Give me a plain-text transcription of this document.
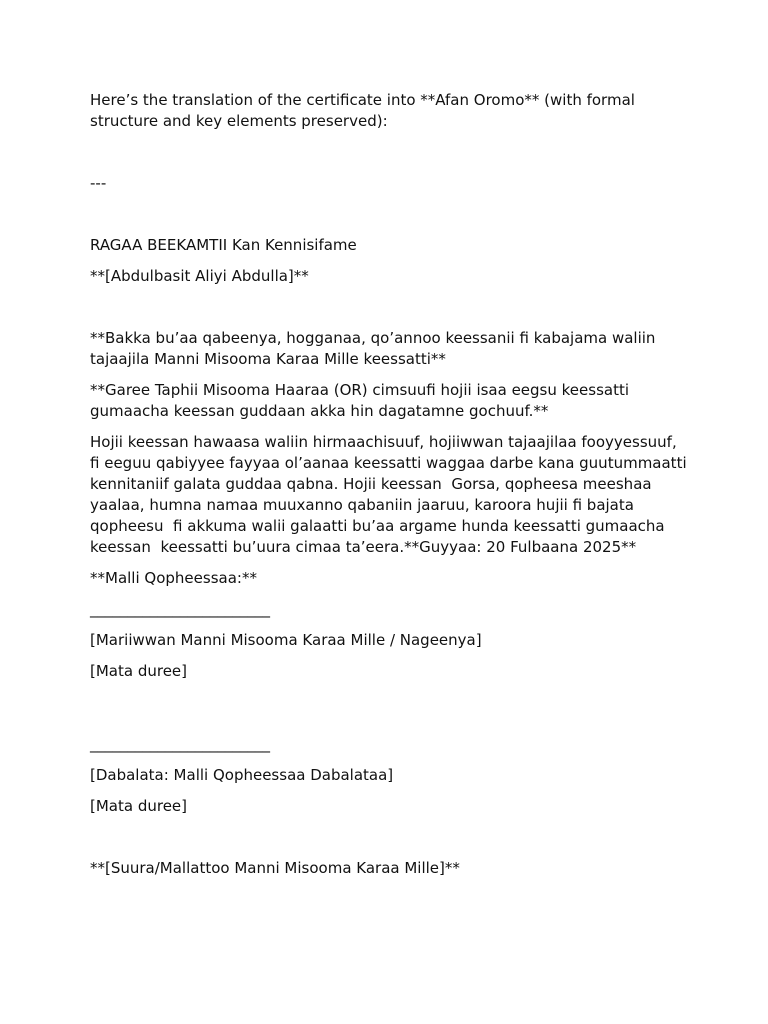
Here’s the translation of the certificate into **Afan Oromo** (with formal structure and key elements preserved):

---

RAGAA BEEKAMTII Kan Kennisifame

**[Abdulbasit Aliyi Abdulla]**

**Bakka bu’aa qabeenya, hogganaa, qo’annoo keessanii fi kabajama waliin tajaajila Manni Misooma Karaa Mille keessatti**

**Garee Taphii Misooma Haaraa (OR) cimsuufi hojii isaa eegsu keessatti gumaacha keessan guddaan akka hin dagatamne gochuuf.**

Hojii keessan hawaasa waliin hirmaachisuuf, hojiiwwan tajaajilaa fooyyessuuf, fi eeguu qabiyyee fayyaa ol’aanaa keessatti waggaa darbe kana guutummaatti kennitaniif galata guddaa qabna. Hojii keessan  Gorsa, qopheesa meeshaa yaalaa, humna namaa muuxanno qabaniin jaaruu, karoora hujii fi bajata qopheesu  fi akkuma walii galaatti bu’aa argame hunda keessatti gumaacha keessan  keessatti bu’uura cimaa ta’eera.**Guyyaa: 20 Fulbaana 2025**

**Malli Qopheessaa:**

________________________

[Mariiwwan Manni Misooma Karaa Mille / Nageenya]

[Mata duree]

________________________

[Dabalata: Malli Qopheessaa Dabalataa]

[Mata duree]

**[Suura/Mallattoo Manni Misooma Karaa Mille]**
